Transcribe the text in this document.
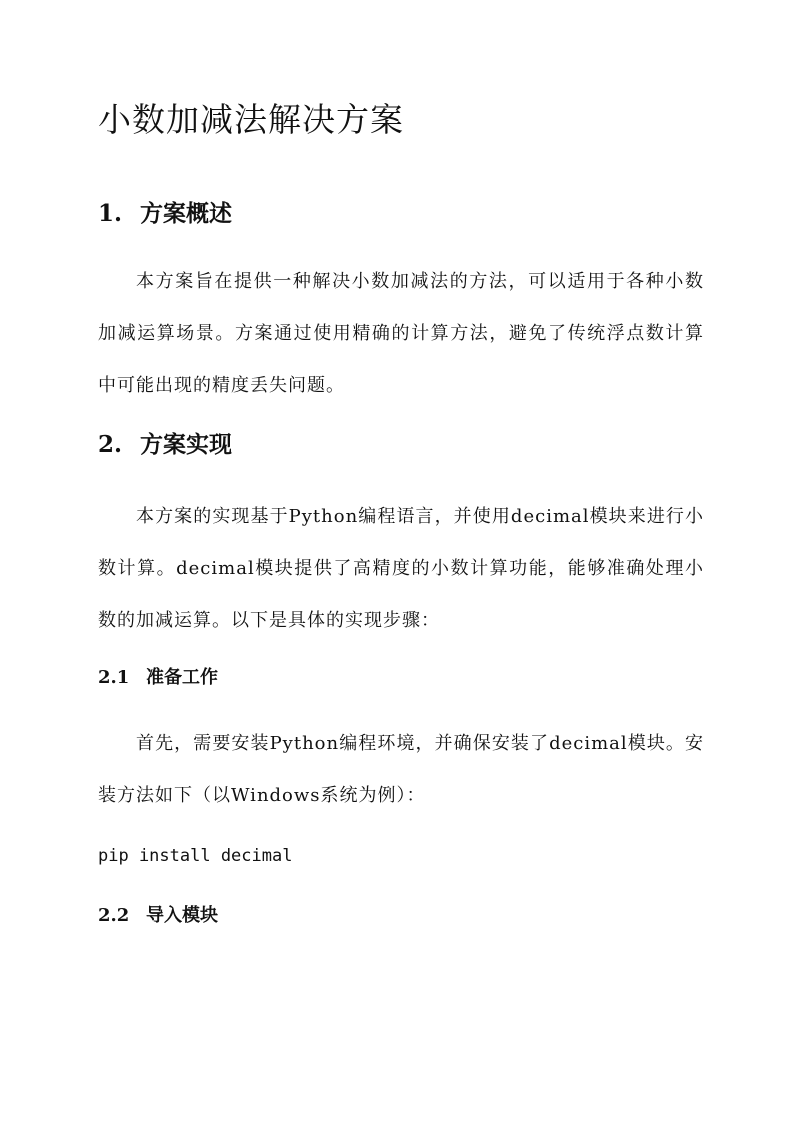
小数加减法解决方案
1. 方案概述

本方案旨在提供一种解决小数加减法的方法，可以适用于各种小数加减运算场景。方案通过使用精确的计算方法，避免了传统浮点数计算中可能出现的精度丢失问题。

2. 方案实现

本方案的实现基于Python编程语言，并使用decimal模块来进行小数计算。decimal模块提供了高精度的小数计算功能，能够准确处理小数的加减运算。以下是具体的实现步骤：

2.1 准备工作

首先，需要安装Python编程环境，并确保安装了decimal模块。安装方法如下（以Windows系统为例）：

pip install decimal
2.2 导入模块
